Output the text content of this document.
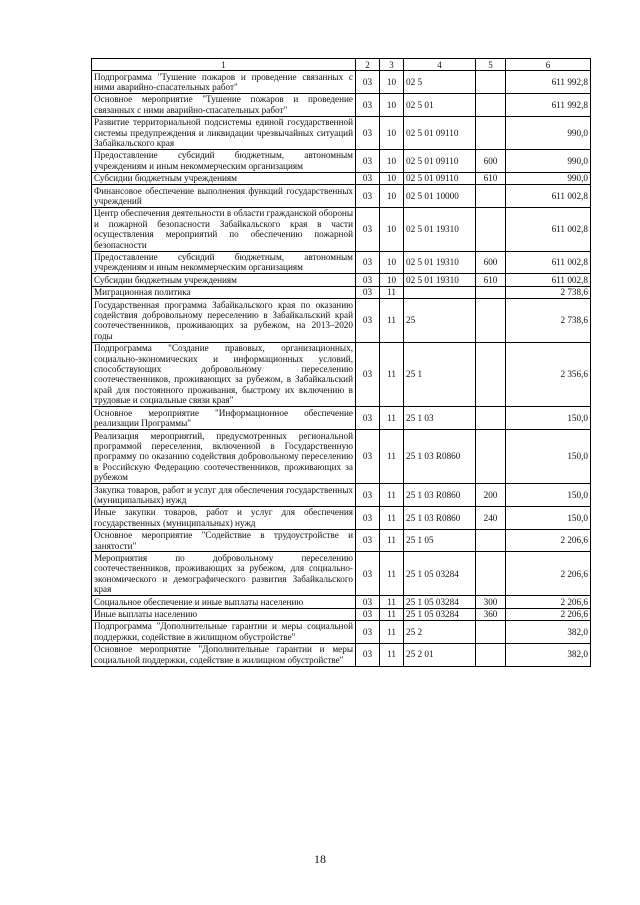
1	2	3	4	5	6
Подпрограмма "Тушение пожаров и проведение связанных с ними аварийно-спасательных работ"	03	10	02 5		611 992,8
Основное мероприятие "Тушение пожаров и проведение связанных с ними аварийно-спасательных работ"	03	10	02 5 01		611 992,8
Развитие территориальной подсистемы единой государственной системы предупреждения и ликвидации чрезвычайных ситуаций Забайкальского края	03	10	02 5 01 09110		990,0
Предоставление субсидий бюджетным, автономным учреждениям и иным некоммерческим организациям	03	10	02 5 01 09110	600	990,0
Субсидии бюджетным учреждениям	03	10	02 5 01 09110	610	990,0
Финансовое обеспечение выполнения функций государственных учреждений	03	10	02 5 01 10000		611 002,8
Центр обеспечения деятельности в области гражданской обороны и пожарной безопасности Забайкальского края в части осуществления мероприятий по обеспечению пожарной безопасности	03	10	02 5 01 19310		611 002,8
Предоставление субсидий бюджетным, автономным учреждениям и иным некоммерческим организациям	03	10	02 5 01 19310	600	611 002,8
Субсидии бюджетным учреждениям	03	10	02 5 01 19310	610	611 002,8
Миграционная политика	03	11			2 738,6
Государственная программа Забайкальского края по оказанию содействия добровольному переселению в Забайкальский край соотечественников, проживающих за рубежом, на 2013–2020 годы	03	11	25		2 738,6
Подпрограмма "Создание правовых, организационных, социально-экономических и информационных условий, способствующих добровольному переселению соотечественников, проживающих за рубежом, в Забайкальский край для постоянного проживания, быстрому их включению в трудовые и социальные связи края"	03	11	25 1		2 356,6
Основное мероприятие "Информационное обеспечение реализации Программы"	03	11	25 1 03		150,0
Реализация мероприятий, предусмотренных региональной программой переселения, включенной в Государственную программу по оказанию содействия добровольному переселению в Российскую Федерацию соотечественников, проживающих за рубежом	03	11	25 1 03 R0860		150,0
Закупка товаров, работ и услуг для обеспечения государственных (муниципальных) нужд	03	11	25 1 03 R0860	200	150,0
Иные закупки товаров, работ и услуг для обеспечения государственных (муниципальных) нужд	03	11	25 1 03 R0860	240	150,0
Основное мероприятие "Содействие в трудоустройстве и занятости"	03	11	25 1 05		2 206,6
Мероприятия по добровольному переселению соотечественников, проживающих за рубежом, для социально-экономического и демографического развития Забайкальского края	03	11	25 1 05 03284		2 206,6
Социальное обеспечение и иные выплаты населению	03	11	25 1 05 03284	300	2 206,6
Иные выплаты населению	03	11	25 1 05 03284	360	2 206,6
Подпрограмма "Дополнительные гарантии и меры социальной поддержки, содействие в жилищном обустройстве"	03	11	25 2		382,0
Основное мероприятие "Дополнительные гарантии и меры социальной поддержки, содействие в жилищном обустройстве"	03	11	25 2 01		382,0
18
